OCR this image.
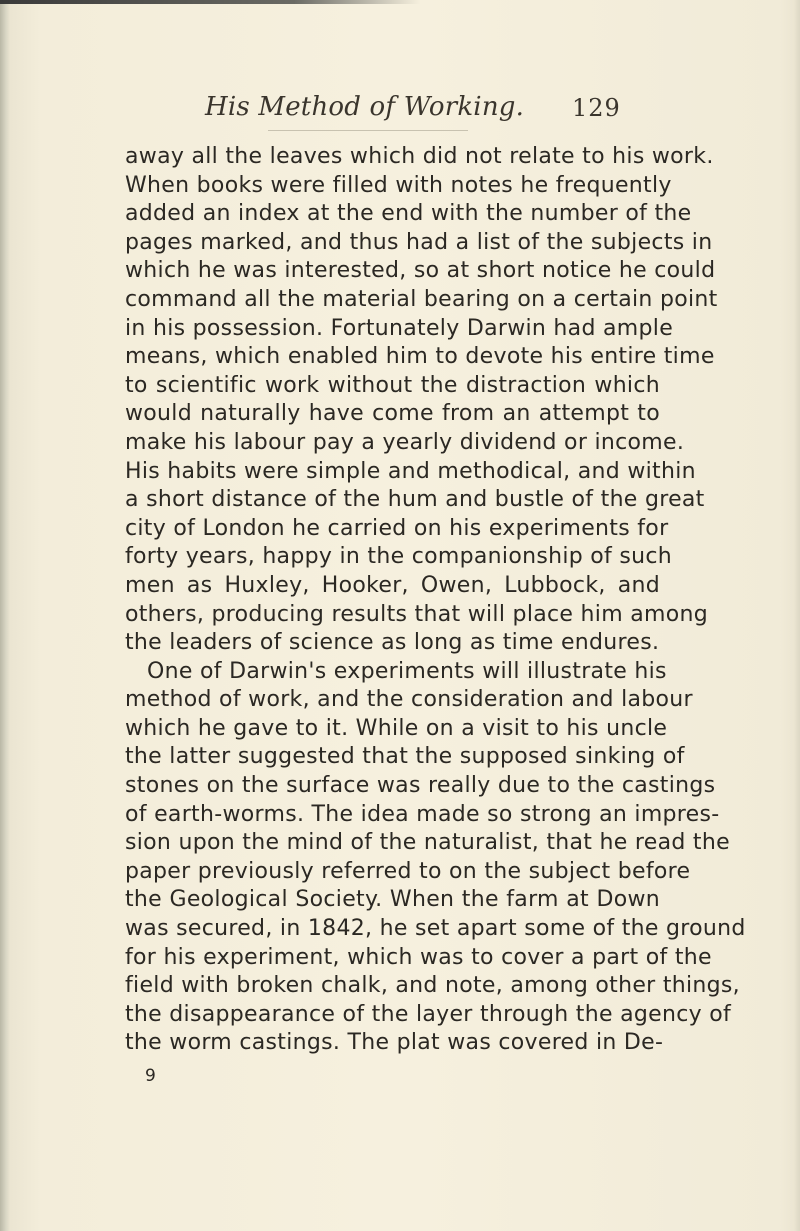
His Method of Working. 129
away all the leaves which did not relate to his work.
When books were filled with notes he frequently
added an index at the end with the number of the
pages marked, and thus had a list of the subjects in
which he was interested, so at short notice he could
command all the material bearing on a certain point
in his possession. Fortunately Darwin had ample
means, which enabled him to devote his entire time
to scientific work without the distraction which
would naturally have come from an attempt to
make his labour pay a yearly dividend or income.
His habits were simple and methodical, and within
a short distance of the hum and bustle of the great
city of London he carried on his experiments for
forty years, happy in the companionship of such
men as Huxley, Hooker, Owen, Lubbock, and
others, producing results that will place him among
the leaders of science as long as time endures.
One of Darwin's experiments will illustrate his
method of work, and the consideration and labour
which he gave to it. While on a visit to his uncle
the latter suggested that the supposed sinking of
stones on the surface was really due to the castings
of earth-worms. The idea made so strong an impres-
sion upon the mind of the naturalist, that he read the
paper previously referred to on the subject before
the Geological Society. When the farm at Down
was secured, in 1842, he set apart some of the ground
for his experiment, which was to cover a part of the
field with broken chalk, and note, among other things,
the disappearance of the layer through the agency of
the worm castings. The plat was covered in De-
9
